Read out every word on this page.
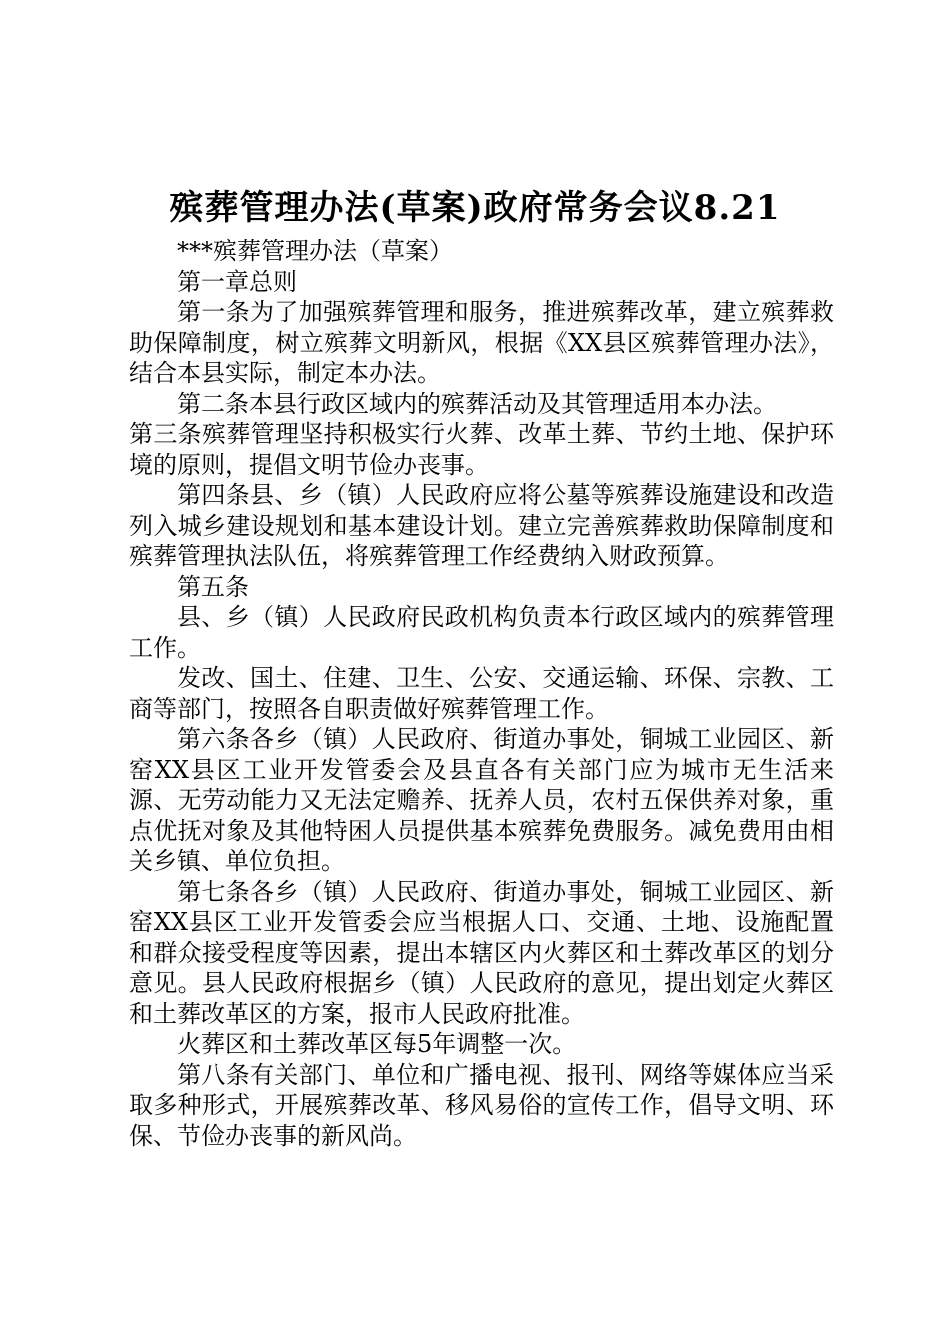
殡葬管理办法(草案)政府常务会议8.21

***殡葬管理办法（草案）

第一章总则

第一条为了加强殡葬管理和服务，推进殡葬改革，建立殡葬救助保障制度，树立殡葬文明新风，根据《XX县区殡葬管理办法》，结合本县实际，制定本办法。

第二条本县行政区域内的殡葬活动及其管理适用本办法。

第三条殡葬管理坚持积极实行火葬、改革土葬、节约土地、保护环境的原则，提倡文明节俭办丧事。

第四条县、乡（镇）人民政府应将公墓等殡葬设施建设和改造列入城乡建设规划和基本建设计划。建立完善殡葬救助保障制度和殡葬管理执法队伍，将殡葬管理工作经费纳入财政预算。

第五条

县、乡（镇）人民政府民政机构负责本行政区域内的殡葬管理工作。

发改、国土、住建、卫生、公安、交通运输、环保、宗教、工商等部门，按照各自职责做好殡葬管理工作。

第六条各乡（镇）人民政府、街道办事处，铜城工业园区、新窑XX县区工业开发管委会及县直各有关部门应为城市无生活来源、无劳动能力又无法定赡养、抚养人员，农村五保供养对象，重点优抚对象及其他特困人员提供基本殡葬免费服务。减免费用由相关乡镇、单位负担。

第七条各乡（镇）人民政府、街道办事处，铜城工业园区、新窑XX县区工业开发管委会应当根据人口、交通、土地、设施配置和群众接受程度等因素，提出本辖区内火葬区和土葬改革区的划分意见。县人民政府根据乡（镇）人民政府的意见，提出划定火葬区和土葬改革区的方案，报市人民政府批准。

火葬区和土葬改革区每5年调整一次。

第八条有关部门、单位和广播电视、报刊、网络等媒体应当采取多种形式，开展殡葬改革、移风易俗的宣传工作，倡导文明、环保、节俭办丧事的新风尚。
